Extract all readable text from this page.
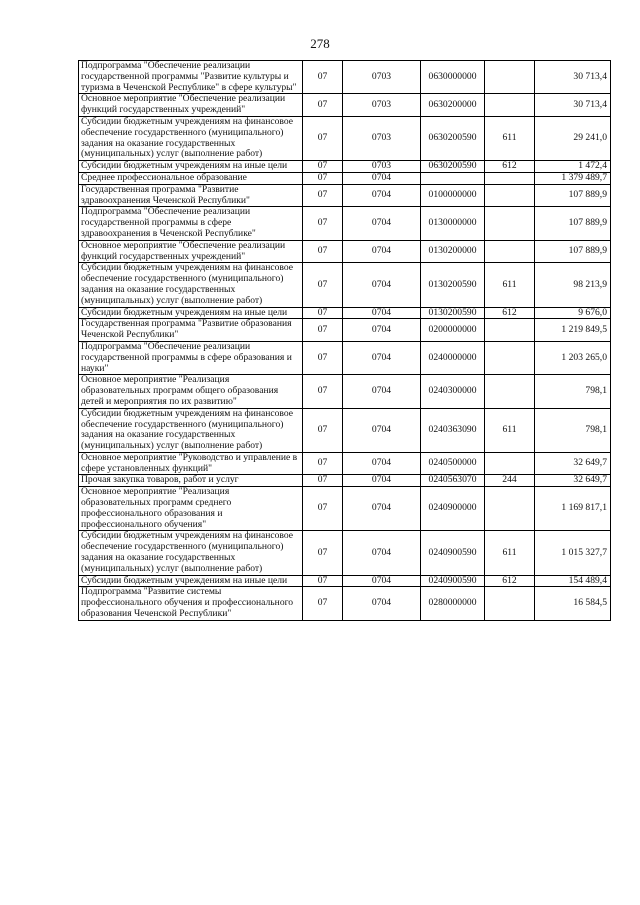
278
Подпрограмма "Обеспечение реализации государственной программы "Развитие культуры и туризма в Чеченской Республике" в сфере культуры"	07	0703	0630000000		30 713,4
Основное мероприятие "Обеспечение реализации функций государственных учреждений"	07	0703	0630200000		30 713,4
Субсидии бюджетным учреждениям на финансовое обеспечение государственного (муниципального) задания на оказание государственных (муниципальных) услуг (выполнение работ)	07	0703	0630200590	611	29 241,0
Субсидии бюджетным учреждениям на иные цели	07	0703	0630200590	612	1 472,4
Среднее профессиональное образование	07	0704			1 379 489,7
Государственная программа "Развитие здравоохранения Чеченской Республики"	07	0704	0100000000		107 889,9
Подпрограмма "Обеспечение реализации государственной программы в сфере здравоохранения в Чеченской Республике"	07	0704	0130000000		107 889,9
Основное мероприятие "Обеспечение реализации функций государственных учреждений"	07	0704	0130200000		107 889,9
Субсидии бюджетным учреждениям на финансовое обеспечение государственного (муниципального) задания на оказание государственных (муниципальных) услуг (выполнение работ)	07	0704	0130200590	611	98 213,9
Субсидии бюджетным учреждениям на иные цели	07	0704	0130200590	612	9 676,0
Государственная программа "Развитие образования Чеченской Республики"	07	0704	0200000000		1 219 849,5
Подпрограмма "Обеспечение реализации государственной программы в сфере образования и науки"	07	0704	0240000000		1 203 265,0
Основное мероприятие "Реализация образовательных программ общего образования детей и мероприятия по их развитию"	07	0704	0240300000		798,1
Субсидии бюджетным учреждениям на финансовое обеспечение государственного (муниципального) задания на оказание государственных (муниципальных) услуг (выполнение работ)	07	0704	0240363090	611	798,1
Основное мероприятие "Руководство и управление в сфере установленных функций"	07	0704	0240500000		32 649,7
Прочая закупка товаров, работ и услуг	07	0704	0240563070	244	32 649,7
Основное мероприятие "Реализация образовательных программ среднего профессионального образования и профессионального обучения"	07	0704	0240900000		1 169 817,1
Субсидии бюджетным учреждениям на финансовое обеспечение государственного (муниципального) задания на оказание государственных (муниципальных) услуг (выполнение работ)	07	0704	0240900590	611	1 015 327,7
Субсидии бюджетным учреждениям на иные цели	07	0704	0240900590	612	154 489,4
Подпрограмма "Развитие системы профессионального обучения и профессионального образования Чеченской Республики"	07	0704	0280000000		16 584,5
